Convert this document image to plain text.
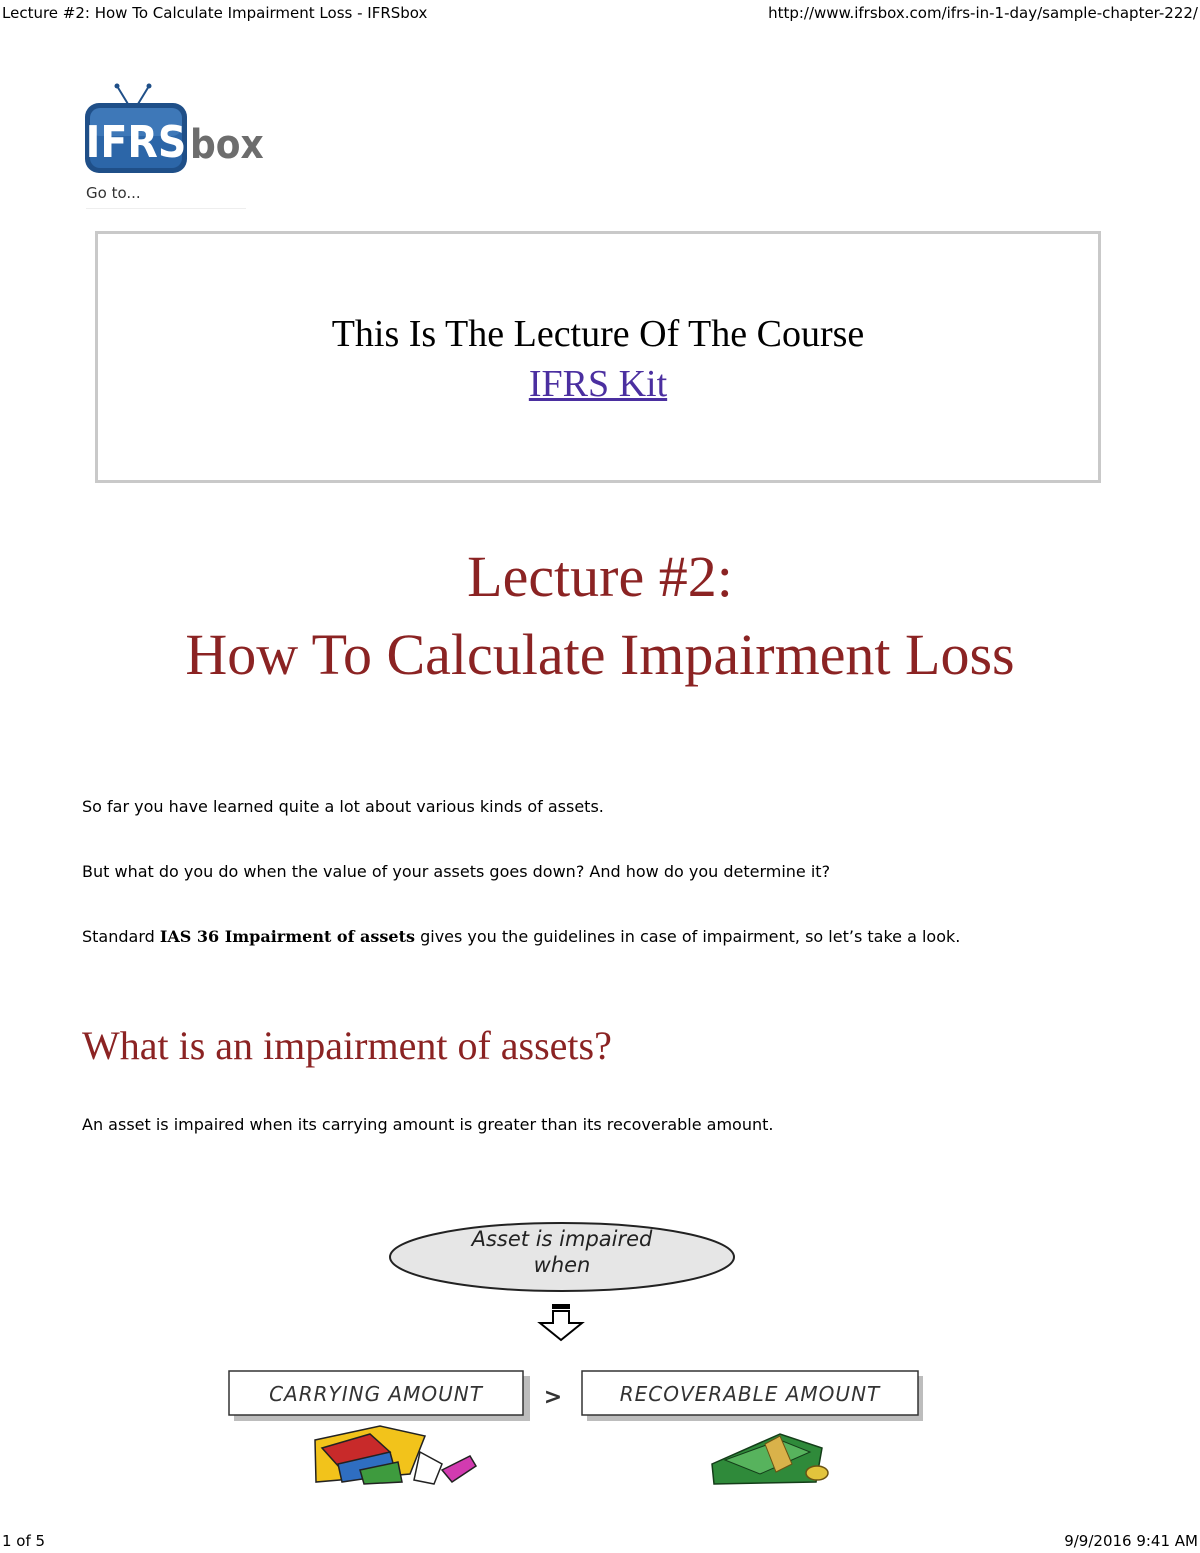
Lecture #2: How To Calculate Impairment Loss - IFRSbox	http://www.ifrsbox.com/ifrs-in-1-day/sample-chapter-222/
1 of 5	9/9/2016 9:41 AM
IFRS box
Go to...
This Is The Lecture Of The Course
IFRS Kit
Lecture #2:
How To Calculate Impairment Loss
So far you have learned quite a lot about various kinds of assets.
But what do you do when the value of your assets goes down? And how do you determine it?
Standard IAS 36 Impairment of assets gives you the guidelines in case of impairment, so let’s take a look.
What is an impairment of assets?
An asset is impaired when its carrying amount is greater than its recoverable amount.
Asset is impaired
when
CARRYING AMOUNT	>	RECOVERABLE AMOUNT
